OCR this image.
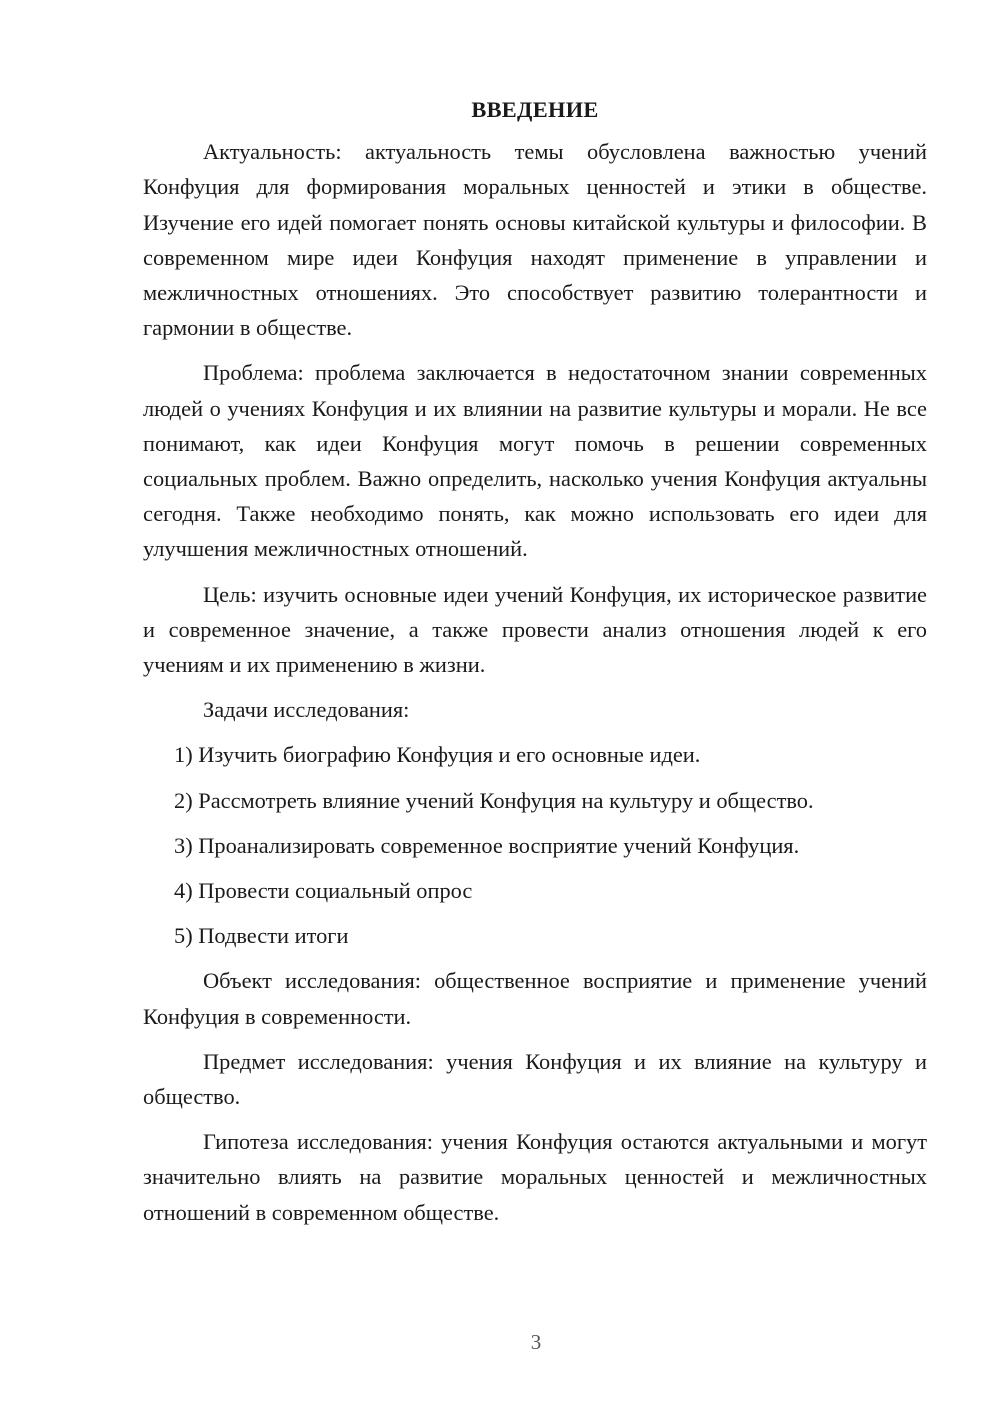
ВВЕДЕНИЕ

Актуальность: актуальность темы обусловлена важностью учений Конфуция для формирования моральных ценностей и этики в обществе. Изучение его идей помогает понять основы китайской культуры и философии. В современном мире идеи Конфуция находят применение в управлении и межличностных отношениях. Это способствует развитию толерантности и гармонии в обществе.

Проблема: проблема заключается в недостаточном знании современных людей о учениях Конфуция и их влиянии на развитие культуры и морали. Не все понимают, как идеи Конфуция могут помочь в решении современных социальных проблем. Важно определить, насколько учения Конфуция актуальны сегодня. Также необходимо понять, как можно использовать его идеи для улучшения межличностных отношений.

Цель: изучить основные идеи учений Конфуция, их историческое развитие и современное значение, а также провести анализ отношения людей к его учениям и их применению в жизни.

Задачи исследования:

1) Изучить биографию Конфуция и его основные идеи.
2) Рассмотреть влияние учений Конфуция на культуру и общество.
3) Проанализировать современное восприятие учений Конфуция.
4) Провести социальный опрос
5) Подвести итоги

Объект исследования: общественное восприятие и применение учений Конфуция в современности.

Предмет исследования: учения Конфуция и их влияние на культуру и общество.

Гипотеза исследования: учения Конфуция остаются актуальными и могут значительно влиять на развитие моральных ценностей и межличностных отношений в современном обществе.

3
